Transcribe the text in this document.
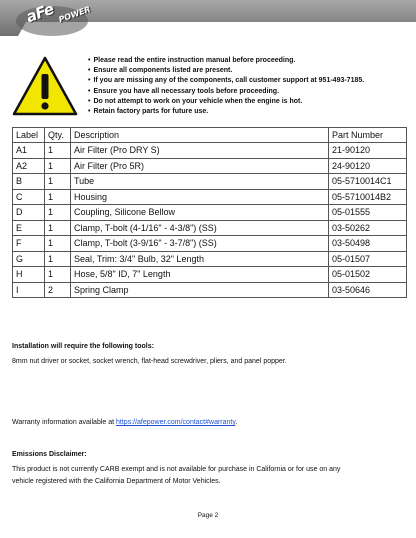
aFe POWER
• Please read the entire instruction manual before proceeding.
• Ensure all components listed are present.
• If you are missing any of the components, call customer support at 951-493-7185.
• Ensure you have all necessary tools before proceeding.
• Do not attempt to work on your vehicle when the engine is hot.
• Retain factory parts for future use.
Label	Qty.	Description	Part Number
A1	1	Air Filter (Pro DRY S)	21-90120
A2	1	Air Filter (Pro 5R)	24-90120
B	1	Tube	05-5710014C1
C	1	Housing	05-5710014B2
D	1	Coupling, Silicone Bellow	05-01555
E	1	Clamp, T-bolt (4-1/16" - 4-3/8") (SS)	03-50262
F	1	Clamp, T-bolt (3-9/16" - 3-7/8") (SS)	03-50498
G	1	Seal, Trim: 3/4" Bulb, 32" Length	05-01507
H	1	Hose, 5/8" ID, 7" Length	05-01502
I	2	Spring Clamp	03-50646

Installation will require the following tools:

8mm nut driver or socket, socket wrench, flat-head screwdriver, pliers, and panel popper.

Warranty information available at https://afepower.com/contact#warranty.

Emissions Disclaimer:

This product is not currently CARB exempt and is not available for purchase in California or for use on any

vehicle registered with the California Department of Motor Vehicles.

Page 2
